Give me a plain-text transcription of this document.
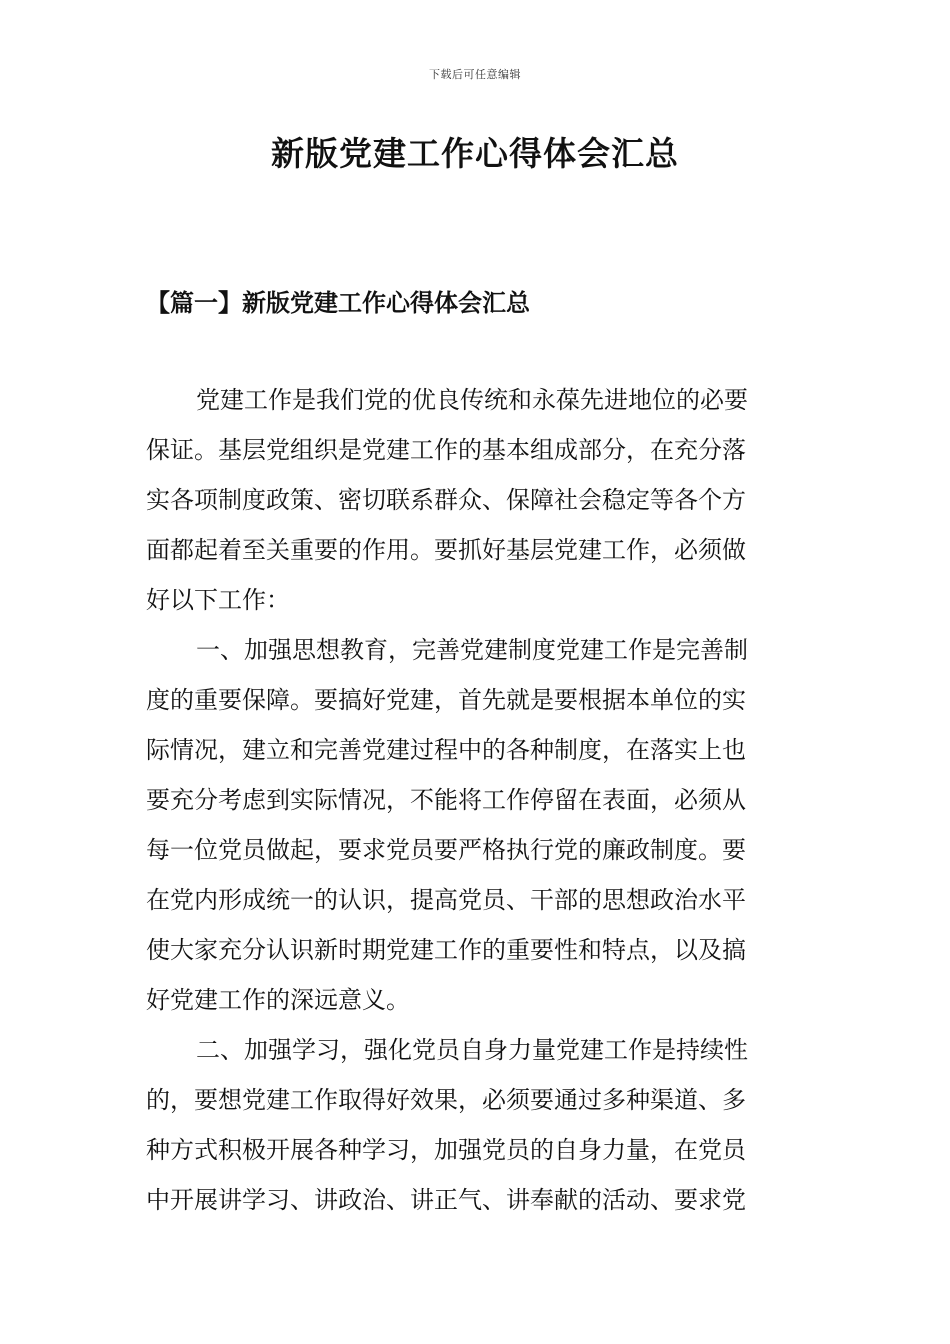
下载后可任意编辑
新版党建工作心得体会汇总
【篇一】新版党建工作心得体会汇总
党建工作是我们党的优良传统和永葆先进地位的必要
保证。基层党组织是党建工作的基本组成部分，在充分落
实各项制度政策、密切联系群众、保障社会稳定等各个方
面都起着至关重要的作用。要抓好基层党建工作，必须做
好以下工作：
一、加强思想教育，完善党建制度党建工作是完善制
度的重要保障。要搞好党建，首先就是要根据本单位的实
际情况，建立和完善党建过程中的各种制度，在落实上也
要充分考虑到实际情况，不能将工作停留在表面，必须从
每一位党员做起，要求党员要严格执行党的廉政制度。要
在党内形成统一的认识，提高党员、干部的思想政治水平
使大家充分认识新时期党建工作的重要性和特点，以及搞
好党建工作的深远意义。
二、加强学习，强化党员自身力量党建工作是持续性
的，要想党建工作取得好效果，必须要通过多种渠道、多
种方式积极开展各种学习，加强党员的自身力量，在党员
中开展讲学习、讲政治、讲正气、讲奉献的活动、要求党
